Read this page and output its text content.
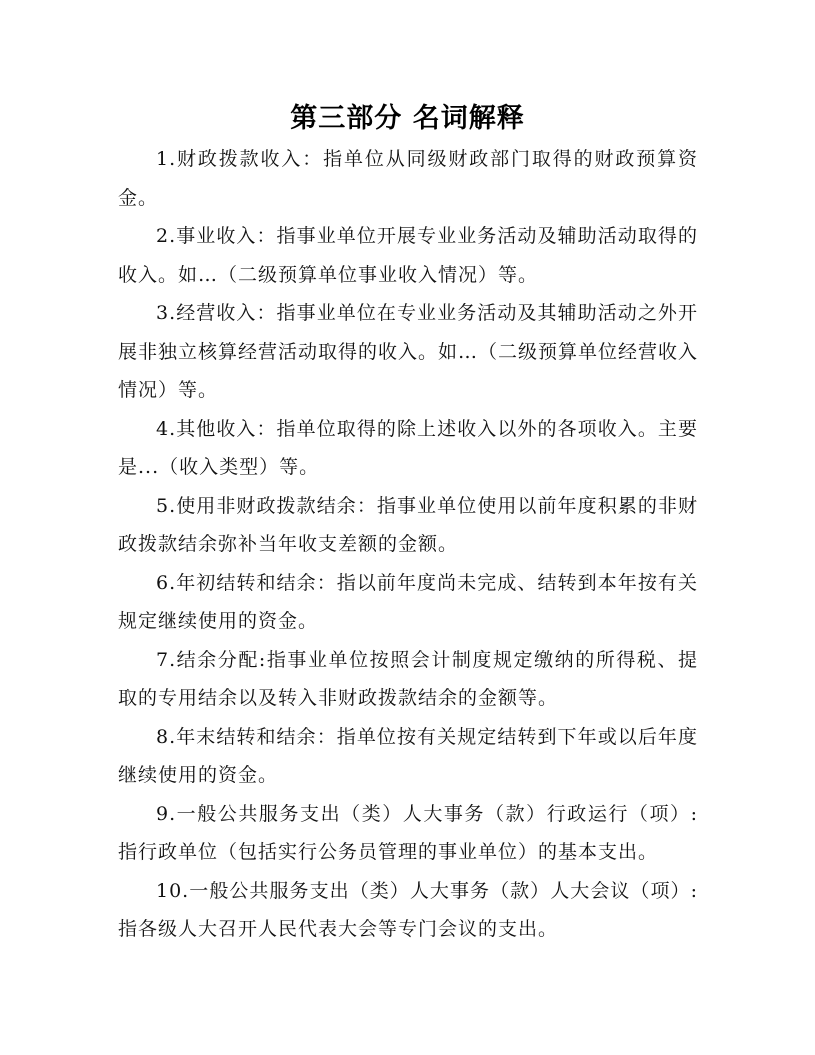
第三部分 名词解释

1.财政拨款收入：指单位从同级财政部门取得的财政预算资金。

2.事业收入：指事业单位开展专业业务活动及辅助活动取得的收入。如…（二级预算单位事业收入情况）等。

3.经营收入：指事业单位在专业业务活动及其辅助活动之外开展非独立核算经营活动取得的收入。如…（二级预算单位经营收入情况）等。

4.其他收入：指单位取得的除上述收入以外的各项收入。主要是...（收入类型）等。

5.使用非财政拨款结余：指事业单位使用以前年度积累的非财政拨款结余弥补当年收支差额的金额。

6.年初结转和结余：指以前年度尚未完成、结转到本年按有关规定继续使用的资金。

7.结余分配:指事业单位按照会计制度规定缴纳的所得税、提取的专用结余以及转入非财政拨款结余的金额等。

8.年末结转和结余：指单位按有关规定结转到下年或以后年度继续使用的资金。

9.一般公共服务支出（类）人大事务（款）行政运行（项）:指行政单位（包括实行公务员管理的事业单位）的基本支出。

10.一般公共服务支出（类）人大事务（款）人大会议（项）:指各级人大召开人民代表大会等专门会议的支出。
